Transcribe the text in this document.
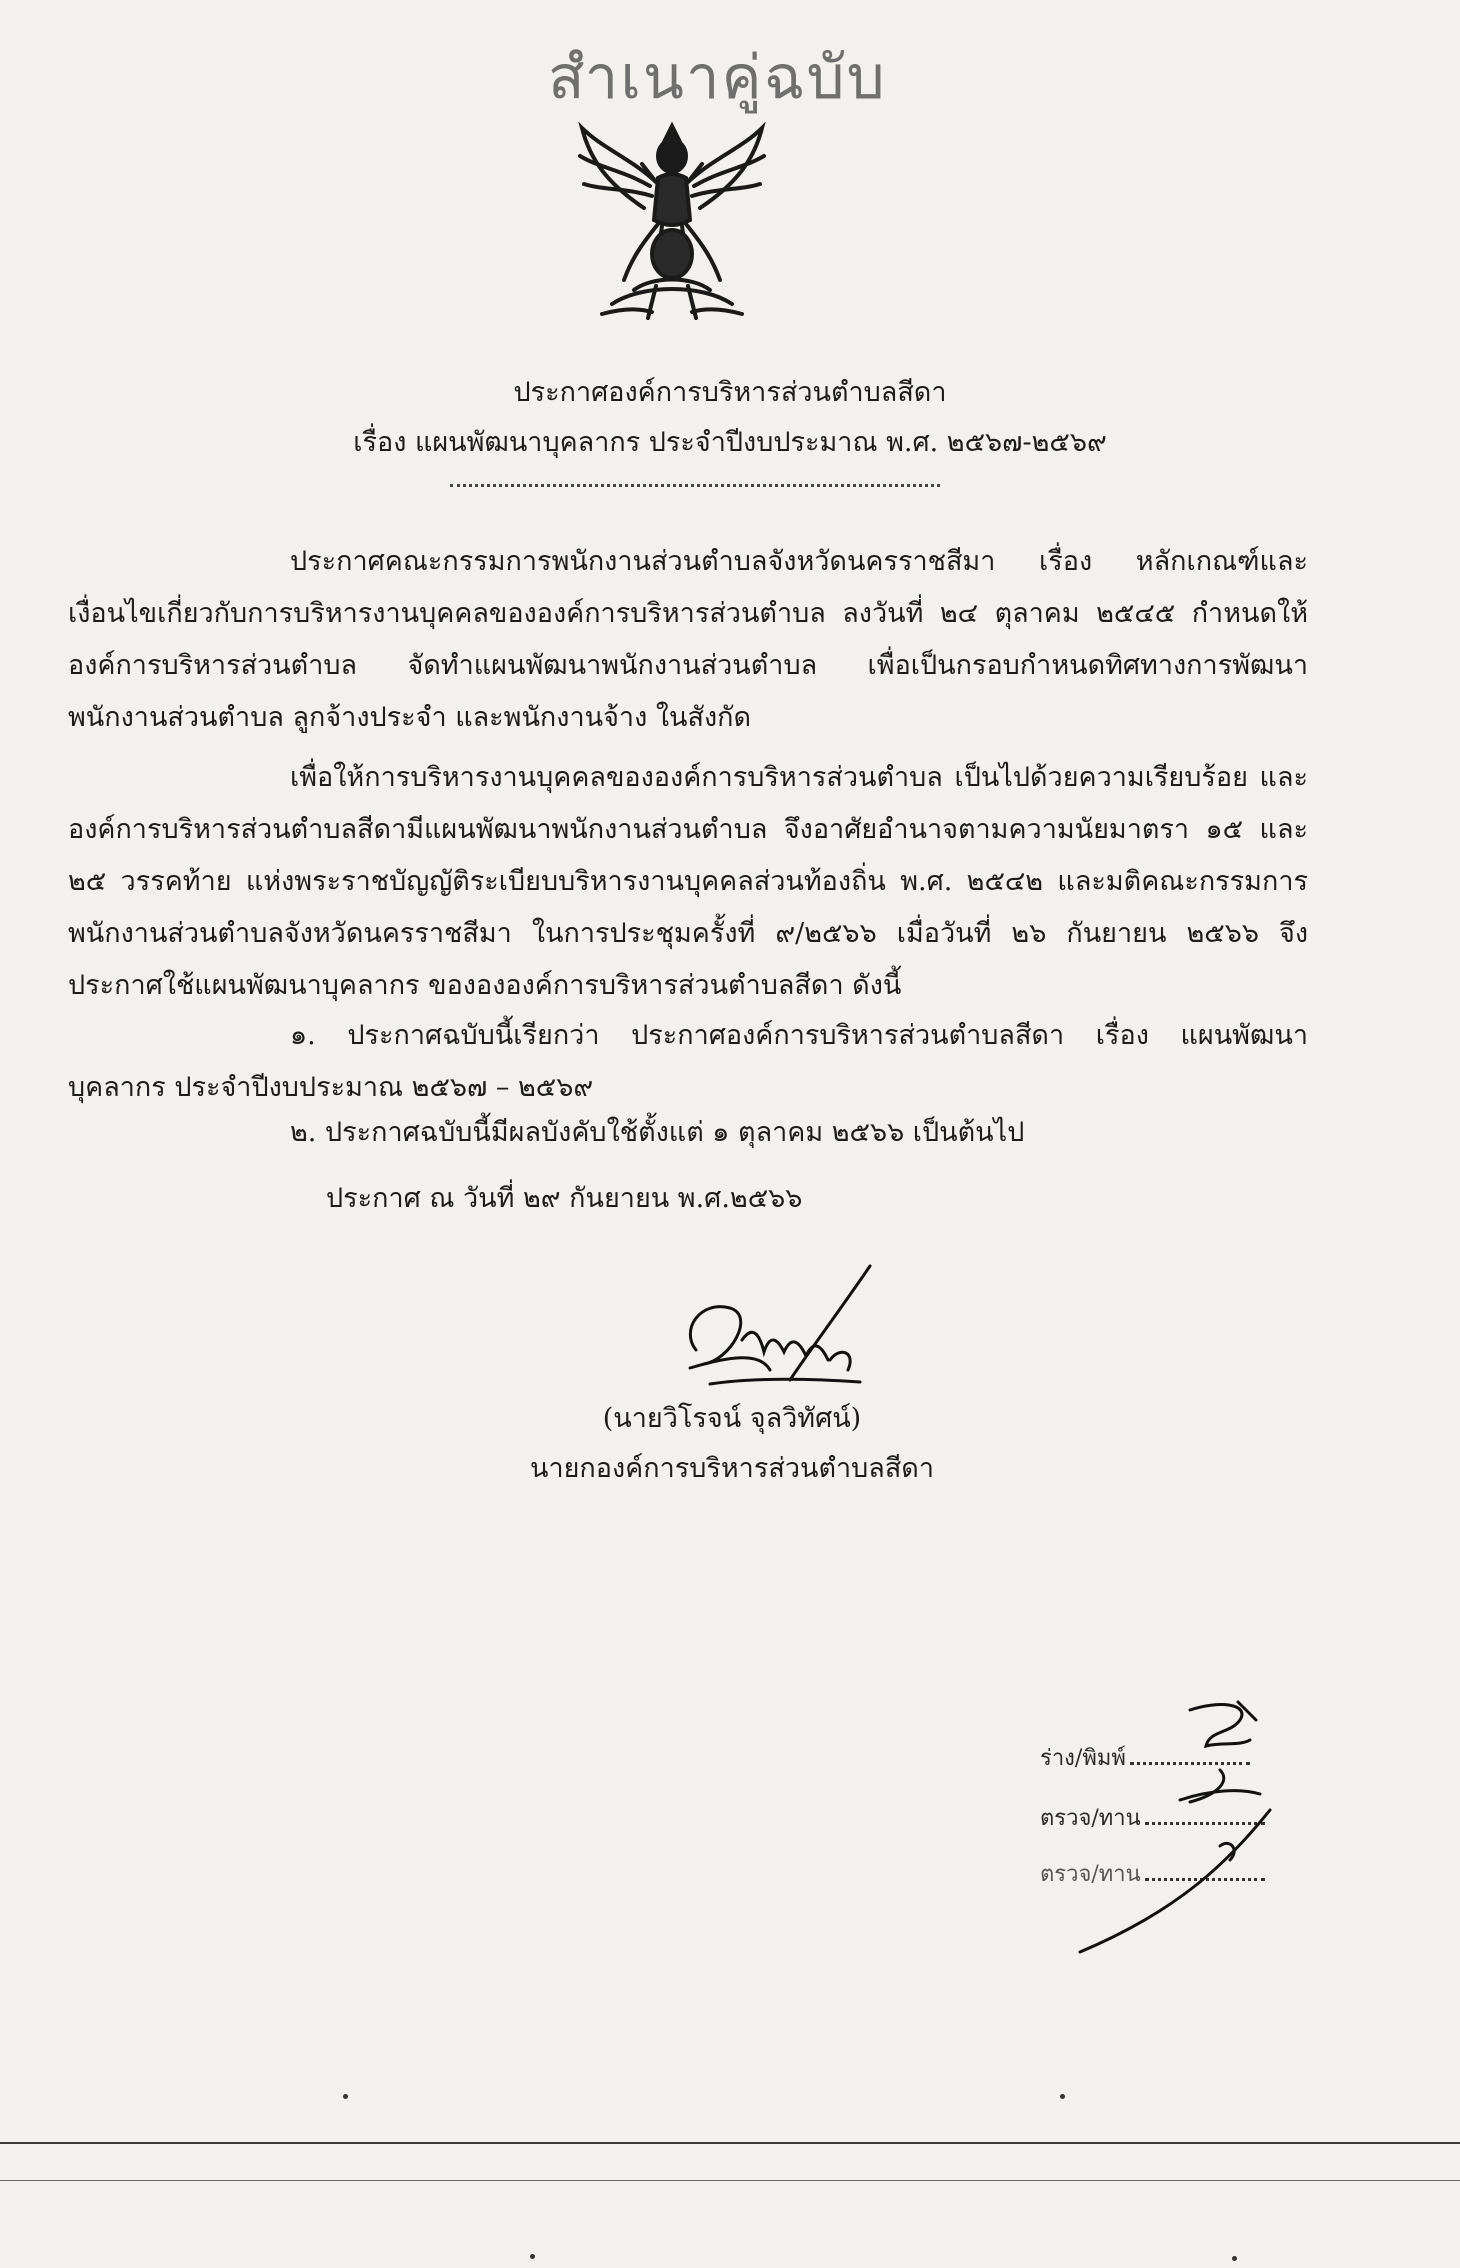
สำเนาคู่ฉบับ
ประกาศองค์การบริหารส่วนตำบลสีดา
เรื่อง แผนพัฒนาบุคลากร ประจำปีงบประมาณ พ.ศ. ๒๕๖๗-๒๕๖๙

ประกาศคณะกรรมการพนักงานส่วนตำบลจังหวัดนครราชสีมา เรื่อง หลักเกณฑ์และเงื่อนไขเกี่ยวกับการบริหารงานบุคคลขององค์การบริหารส่วนตำบล ลงวันที่ ๒๔ ตุลาคม ๒๕๔๕ กำหนดให้องค์การบริหารส่วนตำบล จัดทำแผนพัฒนาพนักงานส่วนตำบล เพื่อเป็นกรอบกำหนดทิศทางการพัฒนา พนักงานส่วนตำบล ลูกจ้างประจำ และพนักงานจ้าง ในสังกัด

เพื่อให้การบริหารงานบุคคลขององค์การบริหารส่วนตำบล เป็นไปด้วยความเรียบร้อย และองค์การบริหารส่วนตำบลสีดามีแผนพัฒนาพนักงานส่วนตำบล จึงอาศัยอำนาจตามความนัยมาตรา ๑๕ และ ๒๕ วรรคท้าย แห่งพระราชบัญญัติระเบียบบริหารงานบุคคลส่วนท้องถิ่น พ.ศ. ๒๕๔๒ และมติคณะกรรมการพนักงานส่วนตำบลจังหวัดนครราชสีมา ในการประชุมครั้งที่ ๙/๒๕๖๖ เมื่อวันที่ ๒๖ กันยายน ๒๕๖๖ จึงประกาศใช้แผนพัฒนาบุคลากร ของององค์การบริหารส่วนตำบลสีดา ดังนี้

๑. ประกาศฉบับนี้เรียกว่า ประกาศองค์การบริหารส่วนตำบลสีดา เรื่อง แผนพัฒนาบุคลากร ประจำปีงบประมาณ ๒๕๖๗ – ๒๕๖๙

๒. ประกาศฉบับนี้มีผลบังคับใช้ตั้งแต่ ๑ ตุลาคม ๒๕๖๖ เป็นต้นไป
ประกาศ ณ วันที่ ๒๙ กันยายน พ.ศ.๒๕๖๖
(นายวิโรจน์ จุลวิทัศน์)
นายกองค์การบริหารส่วนตำบลสีดา
ร่าง/พิมพ์
ตรวจ/ทาน
ตรวจ/ทาน
